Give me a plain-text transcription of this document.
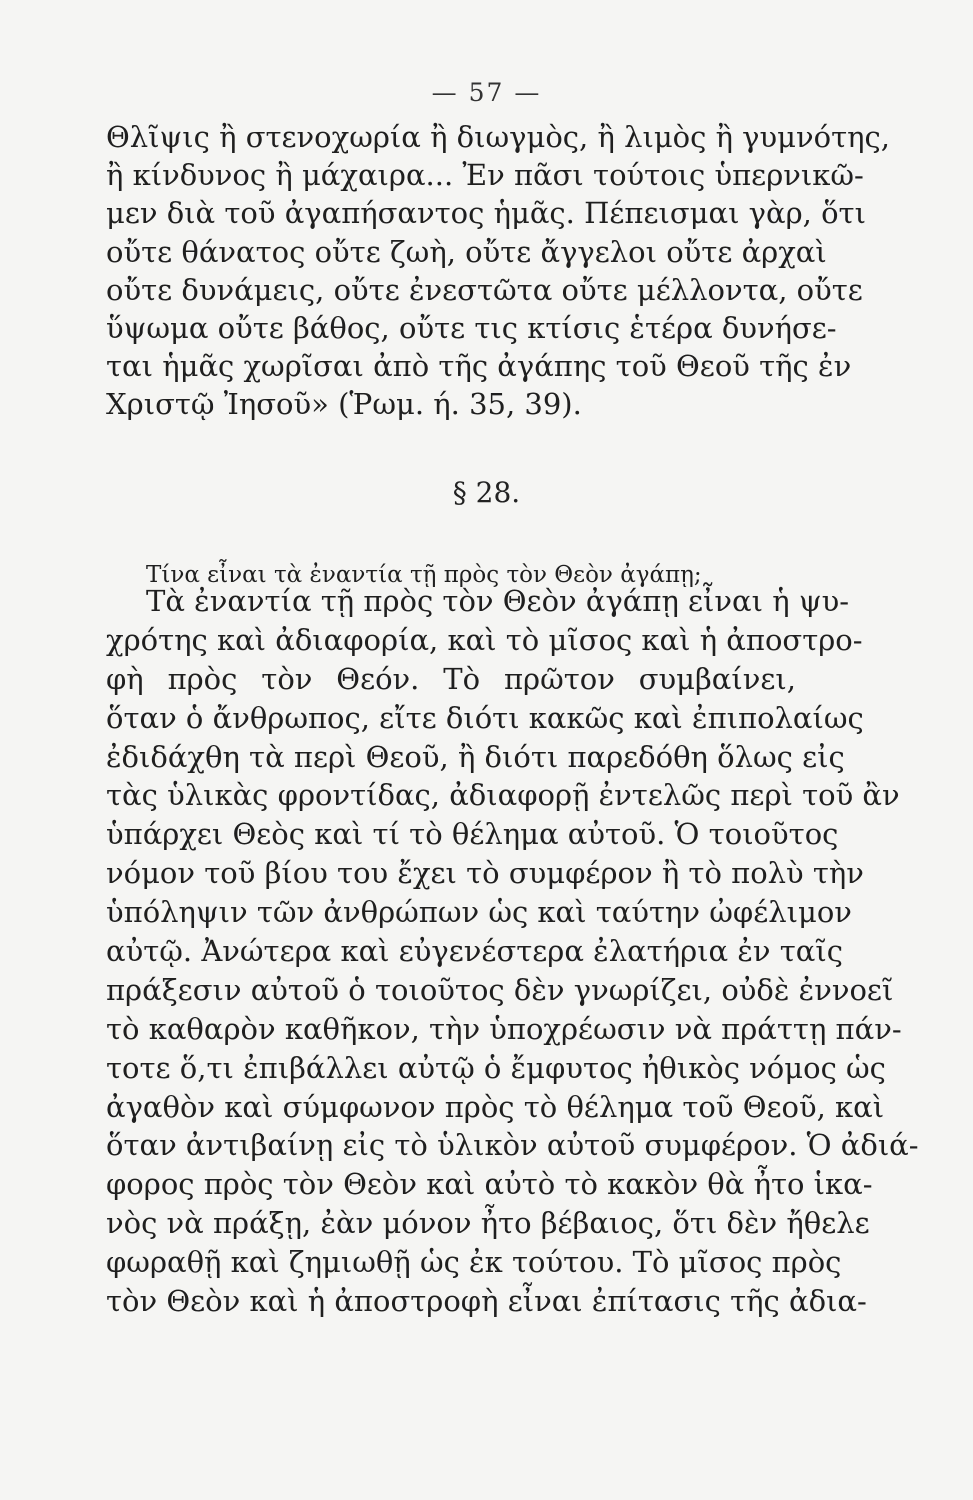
— 57 —
Θλῖψις ἢ στενοχωρία ἢ διωγμὸς, ἢ λιμὸς ἢ γυμνότης,
ἢ κίνδυνος ἢ μάχαιρα... Ἐν πᾶσι τούτοις ὑπερνικῶ-
μεν διὰ τοῦ ἀγαπήσαντος ἡμᾶς. Πέπεισμαι γὰρ, ὅτι
οὔτε θάνατος οὔτε ζωὴ, οὔτε ἄγγελοι οὔτε ἀρχαὶ
οὔτε δυνάμεις, οὔτε ἐνεστῶτα οὔτε μέλλοντα, οὔτε
ὕψωμα οὔτε βάθος, οὔτε τις κτίσις ἑτέρα δυνήσε-
ται ἡμᾶς χωρῖσαι ἀπὸ τῆς ἀγάπης τοῦ Θεοῦ τῆς ἐν
Χριστῷ Ἰησοῦ» (Ῥωμ. ή. 35, 39).
§ 28.
Τίνα εἶναι τὰ ἐναντία τῇ πρὸς τὸν Θεὸν ἀγάπῃ;
Τὰ ἐναντία τῇ πρὸς τὸν Θεὸν ἀγάπῃ εἶναι ἡ ψυ-
χρότης καὶ ἀδιαφορία, καὶ τὸ μῖσος καὶ ἡ ἀποστρο-
φὴ πρὸς τὸν Θεόν. Τὸ πρῶτον συμβαίνει,
ὅταν ὁ ἄνθρωπος, εἴτε διότι κακῶς καὶ ἐπιπολαίως
ἐδιδάχθη τὰ περὶ Θεοῦ, ἢ διότι παρεδόθη ὅλως εἰς
τὰς ὑλικὰς φροντίδας, ἀδιαφορῇ ἐντελῶς περὶ τοῦ ἂν
ὑπάρχει Θεὸς καὶ τί τὸ θέλημα αὐτοῦ. Ὁ τοιοῦτος
νόμον τοῦ βίου του ἔχει τὸ συμφέρον ἢ τὸ πολὺ τὴν
ὑπόληψιν τῶν ἀνθρώπων ὡς καὶ ταύτην ὠφέλιμον
αὐτῷ. Ἀνώτερα καὶ εὐγενέστερα ἐλατήρια ἐν ταῖς
πράξεσιν αὐτοῦ ὁ τοιοῦτος δὲν γνωρίζει, οὐδὲ ἐννοεῖ
τὸ καθαρὸν καθῆκον, τὴν ὑποχρέωσιν νὰ πράττῃ πάν-
τοτε ὅ,τι ἐπιβάλλει αὐτῷ ὁ ἔμφυτος ἠθικὸς νόμος ὡς
ἀγαθὸν καὶ σύμφωνον πρὸς τὸ θέλημα τοῦ Θεοῦ, καὶ
ὅταν ἀντιβαίνῃ εἰς τὸ ὑλικὸν αὐτοῦ συμφέρον. Ὁ ἀδιά-
φορος πρὸς τὸν Θεὸν καὶ αὐτὸ τὸ κακὸν θὰ ἦτο ἱκα-
νὸς νὰ πράξῃ, ἐὰν μόνον ἦτο βέβαιος, ὅτι δὲν ἤθελε
φωραθῇ καὶ ζημιωθῇ ὡς ἐκ τούτου. Τὸ μῖσος πρὸς
τὸν Θεὸν καὶ ἡ ἀποστροφὴ εἶναι ἐπίτασις τῆς ἀδια-
